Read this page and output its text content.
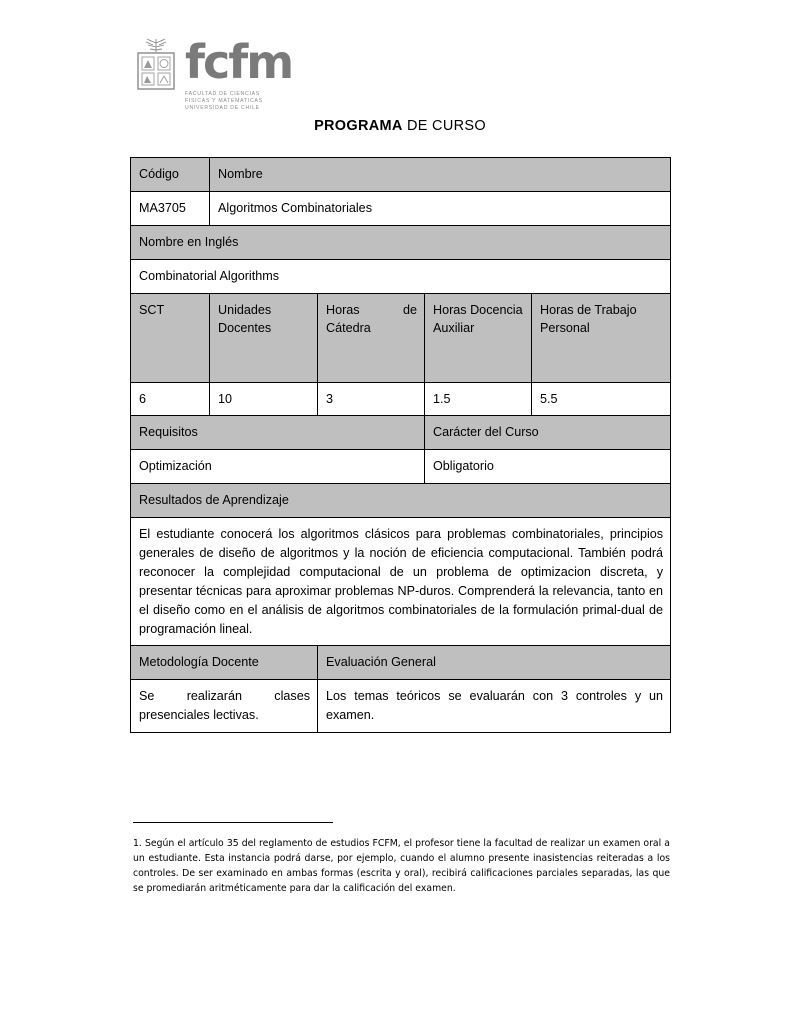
fcfm
FACULTAD DE CIENCIAS
FISICAS Y MATEMATICAS
UNIVERSIDAD DE CHILE
PROGRAMA DE CURSO
Código	Nombre			
MA3705	Algoritmos Combinatoriales			
Nombre en Inglés				
Combinatorial Algorithms				
SCT	Unidades Docentes	Horas de Cátedra	Horas Docencia Auxiliar	Horas de Trabajo Personal
6	10	3	1.5	5.5
Requisitos			Carácter del Curso	
Optimización			Obligatorio	
Resultados de Aprendizaje				
El estudiante conocerá los algoritmos clásicos para problemas combinatoriales, principios generales de diseño de algoritmos y la noción de eficiencia computacional. También podrá reconocer la complejidad computacional de un problema de optimizacion discreta, y presentar técnicas para aproximar problemas NP-duros. Comprenderá la relevancia, tanto en el diseño como en el análisis de algoritmos combinatoriales de la formulación primal-dual de programación lineal.				
Metodología Docente		Evaluación General		
Se realizarán clases presenciales lectivas.		Los temas teóricos se evaluarán con 3 controles y un examen.		
1. Según el artículo 35 del reglamento de estudios FCFM, el profesor tiene la facultad de realizar un examen oral a un estudiante. Esta instancia podrá darse, por ejemplo, cuando el alumno presente inasistencias reiteradas a los controles. De ser examinado en ambas formas (escrita y oral), recibirá calificaciones parciales separadas, las que se promediarán aritméticamente para dar la calificación del examen.
